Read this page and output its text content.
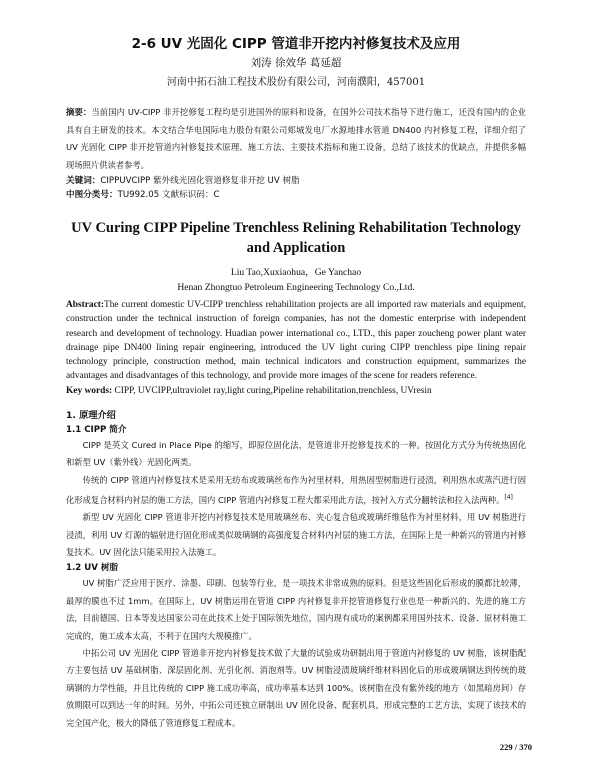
2-6 UV 光固化 CIPP 管道非开挖内衬修复技术及应用

刘涛 徐效华 葛延超

河南中拓石油工程技术股份有限公司，河南濮阳，457001

摘要：当前国内 UV-CIPP 非开挖修复工程均是引进国外的原料和设备，在国外公司技术指导下进行施工，还没有国内的企业具有自主研发的技术。本文结合华电国际电力股份有限公司郏城发电厂水源地排水管道 DN400 内衬修复工程，详细介绍了 UV 光固化 CIPP 非开挖管道内衬修复技术原理、施工方法、主要技术指标和施工设备，总结了该技术的优缺点，并提供多幅现场照片供读者参考。

关键词：CIPPUVCIPP 紫外线光固化管道修复非开挖 UV 树脂

中图分类号：TU992.05 文献标识码：C

UV Curing CIPP Pipeline Trenchless Relining Rehabilitation Technology and Application

Liu Tao,Xuxiaohua，Ge Yanchao

Henan Zhongtuo Petroleum Engineering Technology Co.,Ltd.

Abstract:The current domestic UV-CIPP trenchless rehabilitation projects are all imported raw materials and equipment, construction under the technical instruction of foreign companies, has not the domestic enterprise with independent research and development of technology. Huadian power international co., LTD., this paper zoucheng power plant water drainage pipe DN400 lining repair engineering, introduced the UV light curing CIPP trenchless pipe lining repair technology principle, construction method, main technical indicators and construction equipment, summarizes the advantages and disadvantages of this technology, and provide more images of the scene for readers reference.

Key words: CIPP, UVCIPP,ultraviolet ray,light curing,Pipeline rehabilitation,trenchless, UVresin

1. 原理介绍
1.1 CIPP 简介

CIPP 是英文 Cured in Place Pipe 的缩写，即原位固化法，是管道非开挖修复技术的一种。按固化方式分为传统热固化和新型 UV（紫外线）光固化两类。

传统的 CIPP 管道内衬修复技术是采用无纺布或玻璃丝布作为衬里材料，用热固型树脂进行浸渍，利用热水或蒸汽进行固化形成复合材料内衬层的施工方法，国内 CIPP 管道内衬修复工程大都采用此方法，按衬入方式分翻转法和拉入法两种。[4]

新型 UV 光固化 CIPP 管道非开挖内衬修复技术是用玻璃丝布、夹心复合毡或玻璃纤维毡作为衬里材料，用 UV 树脂进行浸渍，利用 UV 灯源的辐射进行固化形成类似玻璃钢的高强度复合材料内衬层的施工方法，在国际上是一种新兴的管道内衬修复技术。UV 固化法只能采用拉入法施工。

1.2 UV 树脂

UV 树脂广泛应用于医疗、涂墨、印刷、包装等行业，是一项技术非常成熟的原料。但是这些固化后形成的膜都比较薄，最厚的膜也不过 1mm。在国际上，UV 树脂运用在管道 CIPP 内衬修复非开挖管道修复行业也是一种新兴的、先进的施工方法，目前德国、日本等发达国家公司在此技术上处于国际领先地位，国内现有成功的案例都采用国外技术、设备、原材料施工完成的，施工成本太高，不利于在国内大规模推广。

中拓公司 UV 光固化 CIPP 管道非开挖内衬修复技术做了大量的试验成功研制出用于管道内衬修复的 UV 树脂，该树脂配方主要包括 UV 基础树脂、深层固化剂、光引化剂、消泡剂等。UV 树脂浸渍玻璃纤维材料固化后的形成玻璃钢达到传统的玻璃钢的力学性能，并且比传统的 CIPP 施工成功率高，成功率基本达到 100%。该树脂在没有紫外线的地方（如黑暗房间）存放期限可以到达一年的时间。另外，中拓公司还独立研制出 UV 固化设备、配套机具，形成完整的工艺方法，实现了该技术的完全国产化，极大的降低了管道修复工程成本。

229 / 370
